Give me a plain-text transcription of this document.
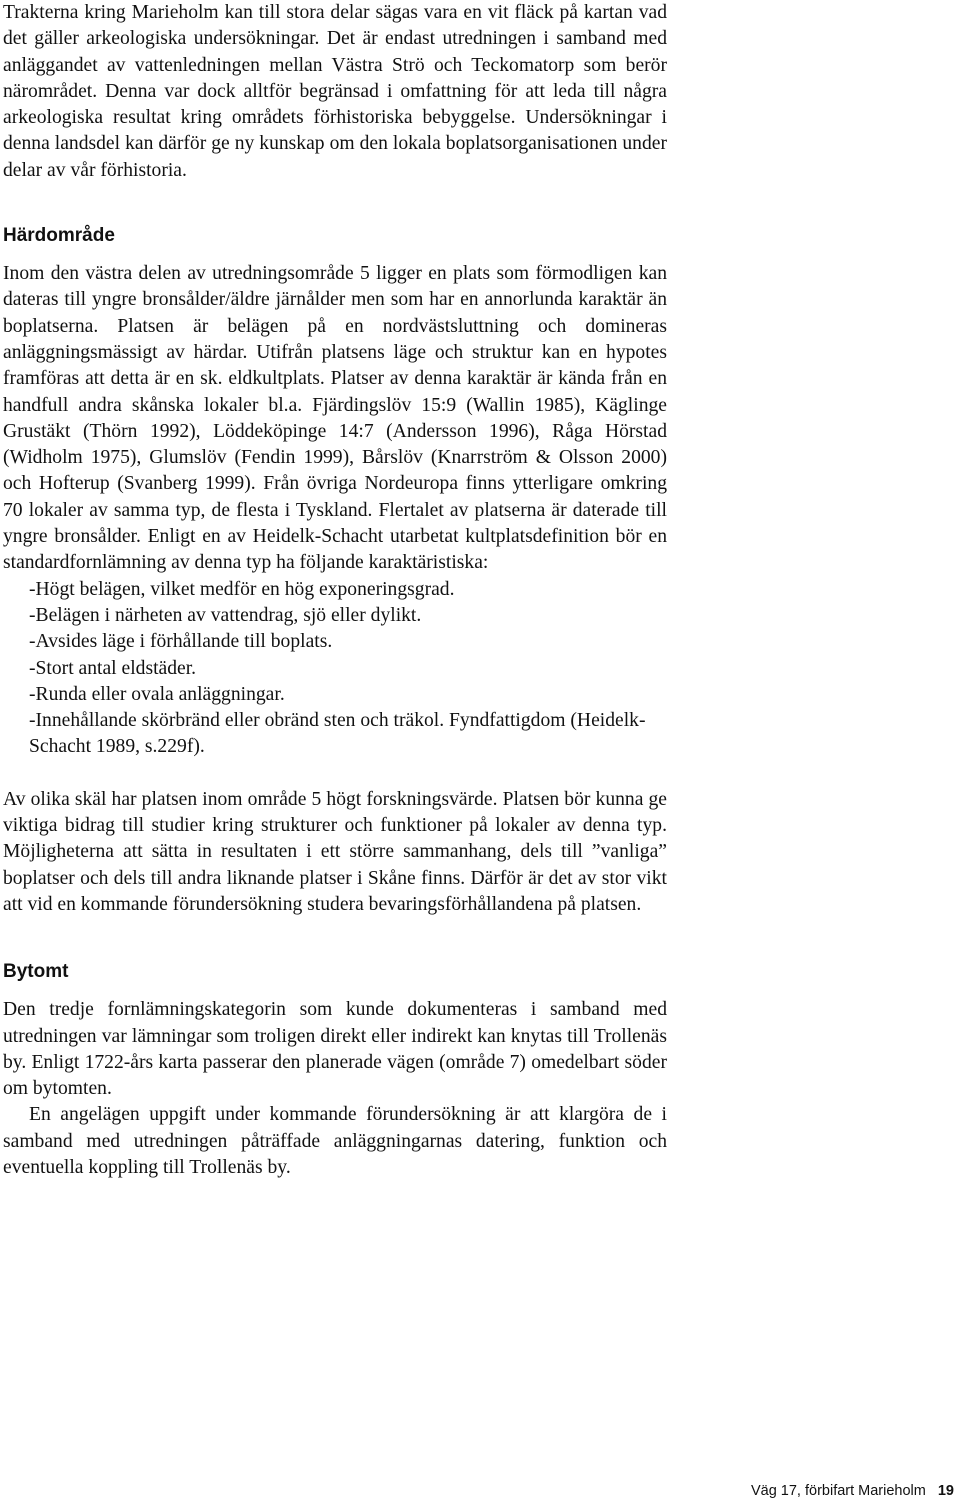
Trakterna kring Marieholm kan till stora delar sägas vara en vit fläck på kartan vad det gäller arkeologiska undersökningar. Det är endast utredningen i samband med anläggandet av vattenledningen mellan Västra Strö och Teckomatorp som berör närområdet. Denna var dock alltför begränsad i omfattning för att leda till några arkeologiska resultat kring områdets förhistoriska bebyggelse. Undersökningar i denna landsdel kan därför ge ny kunskap om den lokala boplatsorganisationen under delar av vår förhistoria.

Härdområde

Inom den västra delen av utredningsområde 5 ligger en plats som förmodligen kan dateras till yngre bronsålder/äldre järnålder men som har en annorlunda karaktär än boplatserna. Platsen är belägen på en nordvästsluttning och domineras anläggningsmässigt av härdar. Utifrån platsens läge och struktur kan en hypotes framföras att detta är en sk. eldkultplats. Platser av denna karaktär är kända från en handfull andra skånska lokaler bl.a. Fjärdingslöv 15:9 (Wallin 1985), Käglinge Grustäkt (Thörn 1992), Löddeköpinge 14:7 (Andersson 1996), Råga Hörstad (Widholm 1975), Glumslöv (Fendin 1999), Bårslöv (Knarrström & Olsson 2000) och Hofterup (Svanberg 1999). Från övriga Nordeuropa finns ytterligare omkring 70 lokaler av samma typ, de flesta i Tyskland. Flertalet av platserna är daterade till yngre bronsålder. Enligt en av Heidelk-Schacht utarbetat kultplatsdefinition bör en standardfornlämning av denna typ ha följande karaktäristiska:

-Högt belägen, vilket medför en hög exponeringsgrad.
-Belägen i närheten av vattendrag, sjö eller dylikt.
-Avsides läge i förhållande till boplats.
-Stort antal eldstäder.
-Runda eller ovala anläggningar.
-Innehållande skörbränd eller obränd sten och träkol. Fyndfattigdom (Heidelk-Schacht 1989, s.229f).

Av olika skäl har platsen inom område 5 högt forskningsvärde. Platsen bör kunna ge viktiga bidrag till studier kring strukturer och funktioner på lokaler av denna typ. Möjligheterna att sätta in resultaten i ett större sammanhang, dels till ”vanliga” boplatser och dels till andra liknande platser i Skåne finns. Därför är det av stor vikt att vid en kommande förundersökning studera bevaringsförhållandena på platsen.

Bytomt

Den tredje fornlämningskategorin som kunde dokumenteras i samband med utredningen var lämningar som troligen direkt eller indirekt kan knytas till Trollenäs by. Enligt 1722-års karta passerar den planerade vägen (område 7) omedelbart söder om bytomten.

En angelägen uppgift under kommande förundersökning är att klargöra de i samband med utredningen påträffade anläggningarnas datering, funktion och eventuella koppling till Trollenäs by.

Väg 17, förbifart Marieholm 19
